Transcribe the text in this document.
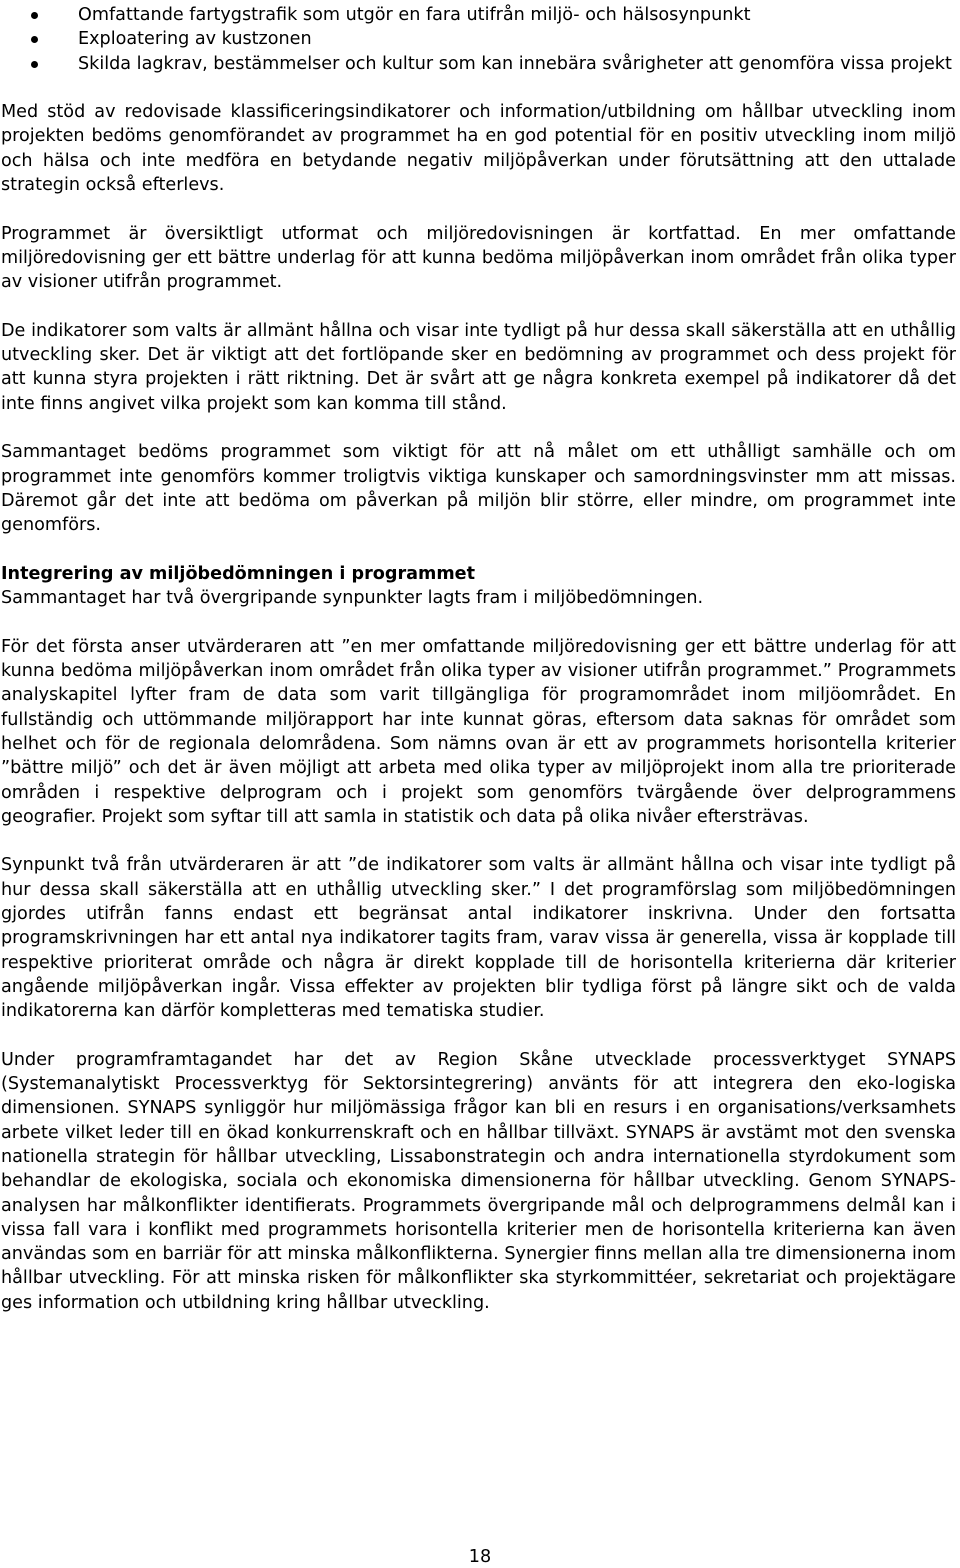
Omfattande fartygstrafik som utgör en fara utifrån miljö- och hälsosynpunkt
Exploatering av kustzonen
Skilda lagkrav, bestämmelser och kultur som kan innebära svårigheter att genomföra vissa projekt

Med stöd av redovisade klassificeringsindikatorer och information/utbildning om hållbar utveckling inom projekten bedöms genomförandet av programmet ha en god potential för en positiv utveckling inom miljö och hälsa och inte medföra en betydande negativ miljöpåverkan under förutsättning att den uttalade strategin också efterlevs.

Programmet är översiktligt utformat och miljöredovisningen är kortfattad. En mer omfattande miljöredovisning ger ett bättre underlag för att kunna bedöma miljöpåverkan inom området från olika typer av visioner utifrån programmet.

De indikatorer som valts är allmänt hållna och visar inte tydligt på hur dessa skall säkerställa att en uthållig utveckling sker. Det är viktigt att det fortlöpande sker en bedömning av programmet och dess projekt för att kunna styra projekten i rätt riktning. Det är svårt att ge några konkreta exempel på indikatorer då det inte finns angivet vilka projekt som kan komma till stånd.

Sammantaget bedöms programmet som viktigt för att nå målet om ett uthålligt samhälle och om programmet inte genomförs kommer troligtvis viktiga kunskaper och samordningsvinster mm att missas. Däremot går det inte att bedöma om påverkan på miljön blir större, eller mindre, om programmet inte genomförs.

Integrering av miljöbedömningen i programmet

Sammantaget har två övergripande synpunkter lagts fram i miljöbedömningen.

För det första anser utvärderaren att ”en mer omfattande miljöredovisning ger ett bättre underlag för att kunna bedöma miljöpåverkan inom området från olika typer av visioner utifrån programmet.” Programmets analyskapitel lyfter fram de data som varit tillgängliga för programområdet inom miljöområdet. En fullständig och uttömmande miljörapport har inte kunnat göras, eftersom data saknas för området som helhet och för de regionala delområdena. Som nämns ovan är ett av programmets horisontella kriterier ”bättre miljö” och det är även möjligt att arbeta med olika typer av miljöprojekt inom alla tre prioriterade områden i respektive delprogram och i projekt som genomförs tvärgående över delprogrammens geografier. Projekt som syftar till att samla in statistik och data på olika nivåer eftersträvas.

Synpunkt två från utvärderaren är att ”de indikatorer som valts är allmänt hållna och visar inte tydligt på hur dessa skall säkerställa att en uthållig utveckling sker.” I det programförslag som miljöbedömningen gjordes utifrån fanns endast ett begränsat antal indikatorer inskrivna. Under den fortsatta programskrivningen har ett antal nya indikatorer tagits fram, varav vissa är generella, vissa är kopplade till respektive prioriterat område och några är direkt kopplade till de horisontella kriterierna där kriterier angående miljöpåverkan ingår. Vissa effekter av projekten blir tydliga först på längre sikt och de valda indikatorerna kan därför kompletteras med tematiska studier.

Under programframtagandet har det av Region Skåne utvecklade processverktyget SYNAPS (Systemanalytiskt Processverktyg för Sektorsintegrering) använts för att integrera den eko-logiska dimensionen. SYNAPS synliggör hur miljömässiga frågor kan bli en resurs i en organisations/verksamhets arbete vilket leder till en ökad konkurrenskraft och en hållbar tillväxt. SYNAPS är avstämt mot den svenska nationella strategin för hållbar utveckling, Lissabonstrategin och andra internationella styrdokument som behandlar de ekologiska, sociala och ekonomiska dimensionerna för hållbar utveckling. Genom SYNAPS-analysen har målkonflikter identifierats. Programmets övergripande mål och delprogrammens delmål kan i vissa fall vara i konflikt med programmets horisontella kriterier men de horisontella kriterierna kan även användas som en barriär för att minska målkonflikterna. Synergier finns mellan alla tre dimensionerna inom hållbar utveckling. För att minska risken för målkonflikter ska styrkommittéer, sekretariat och projektägare ges information och utbildning kring hållbar utveckling.

18
